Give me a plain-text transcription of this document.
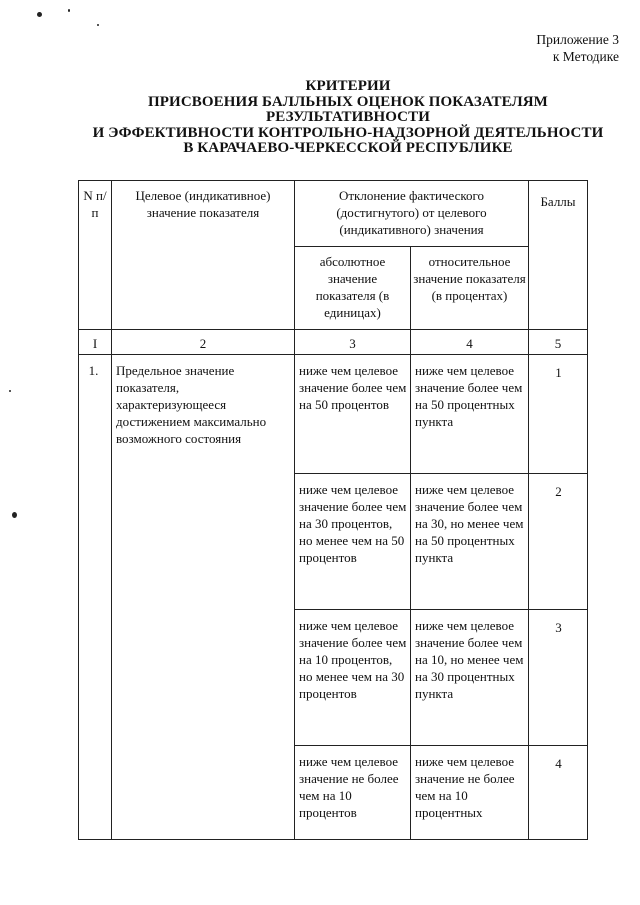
Приложение 3
к Методике
КРИТЕРИИ
ПРИСВОЕНИЯ БАЛЛЬНЫХ ОЦЕНОК ПОКАЗАТЕЛЯМ
РЕЗУЛЬТАТИВНОСТИ
И ЭФФЕКТИВНОСТИ КОНТРОЛЬНО-НАДЗОРНОЙ ДЕЯТЕЛЬНОСТИ
В КАРАЧАЕВО-ЧЕРКЕССКОЙ РЕСПУБЛИКЕ
N п/п	Целевое (индикативное) значение показателя	Отклонение фактического (достигнутого) от целевого (индикативного) значения		Баллы
		абсолютное значение показателя (в единицах)	относительное значение показателя (в процентах)	
I	2	3	4	5
1.	Предельное значение показателя, характеризующееся достижением максимально возможного состояния	ниже чем целевое значение более чем на 50 процентов	ниже чем целевое значение более чем на 50 процентных пункта	1
		ниже чем целевое значение более чем на 30 процентов, но менее чем на 50 процентов	ниже чем целевое значение более чем на 30, но менее чем на 50 процентных пункта	2
		ниже чем целевое значение более чем на 10 процентов, но менее чем на 30 процентов	ниже чем целевое значение более чем на 10, но менее чем на 30 процентных пункта	3
		ниже чем целевое значение не более чем на 10 процентов	ниже чем целевое значение не более чем на 10 процентных	4
